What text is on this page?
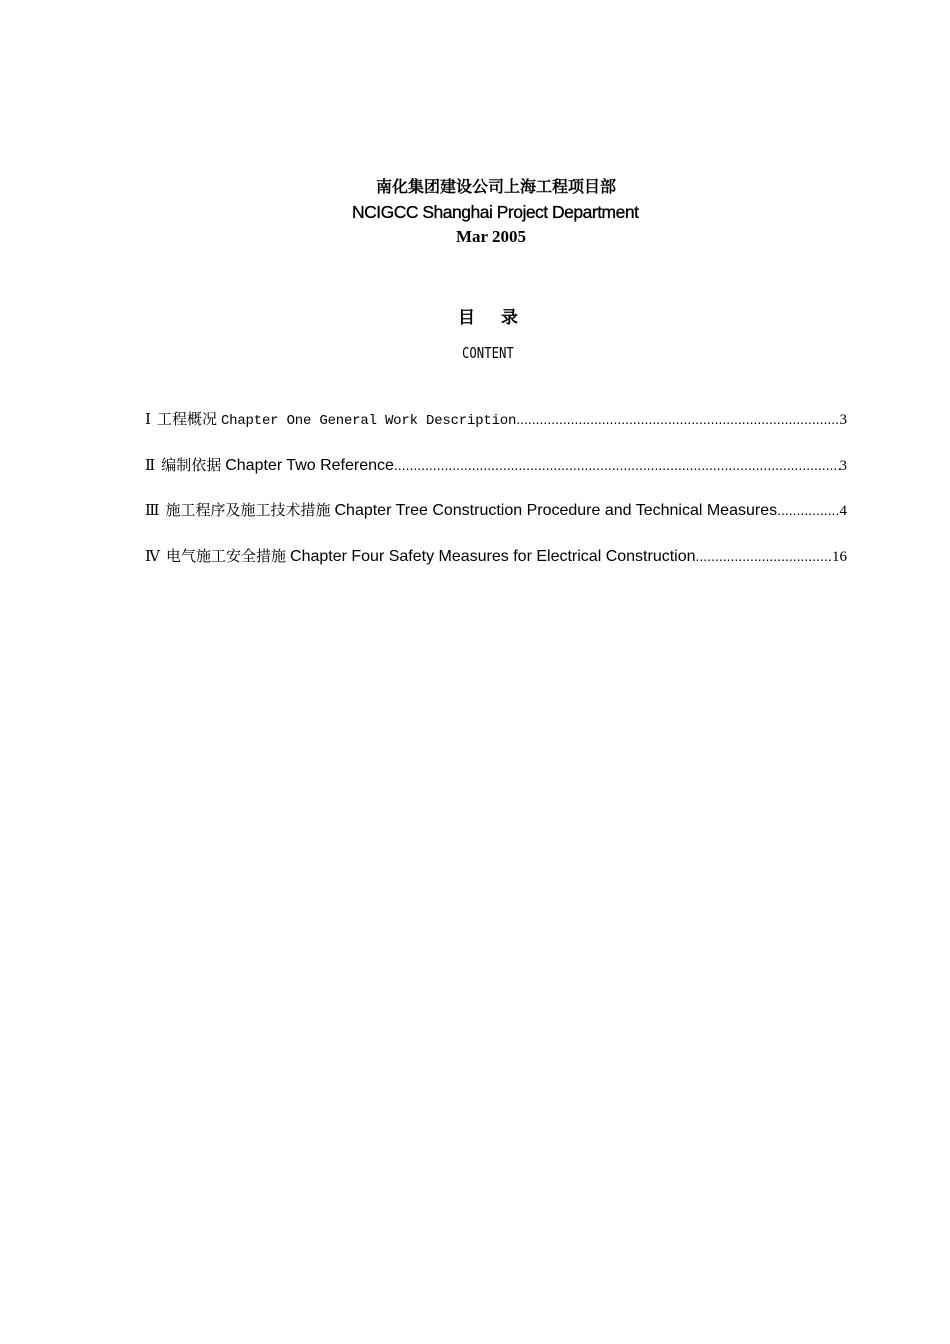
南化集团建设公司上海工程项目部
NCIGCC Shanghai Project Department
Mar 2005
目 录
CONTENT
Ⅰ 工程概况 Chapter One General Work Description .....	3
Ⅱ 编制依据 Chapter Two Reference .....	3
Ⅲ 施工程序及施工技术措施 Chapter Tree Construction Procedure and Technical Measures .....	4
Ⅳ 电气施工安全措施 Chapter Four Safety Measures for Electrical Construction .....	16
